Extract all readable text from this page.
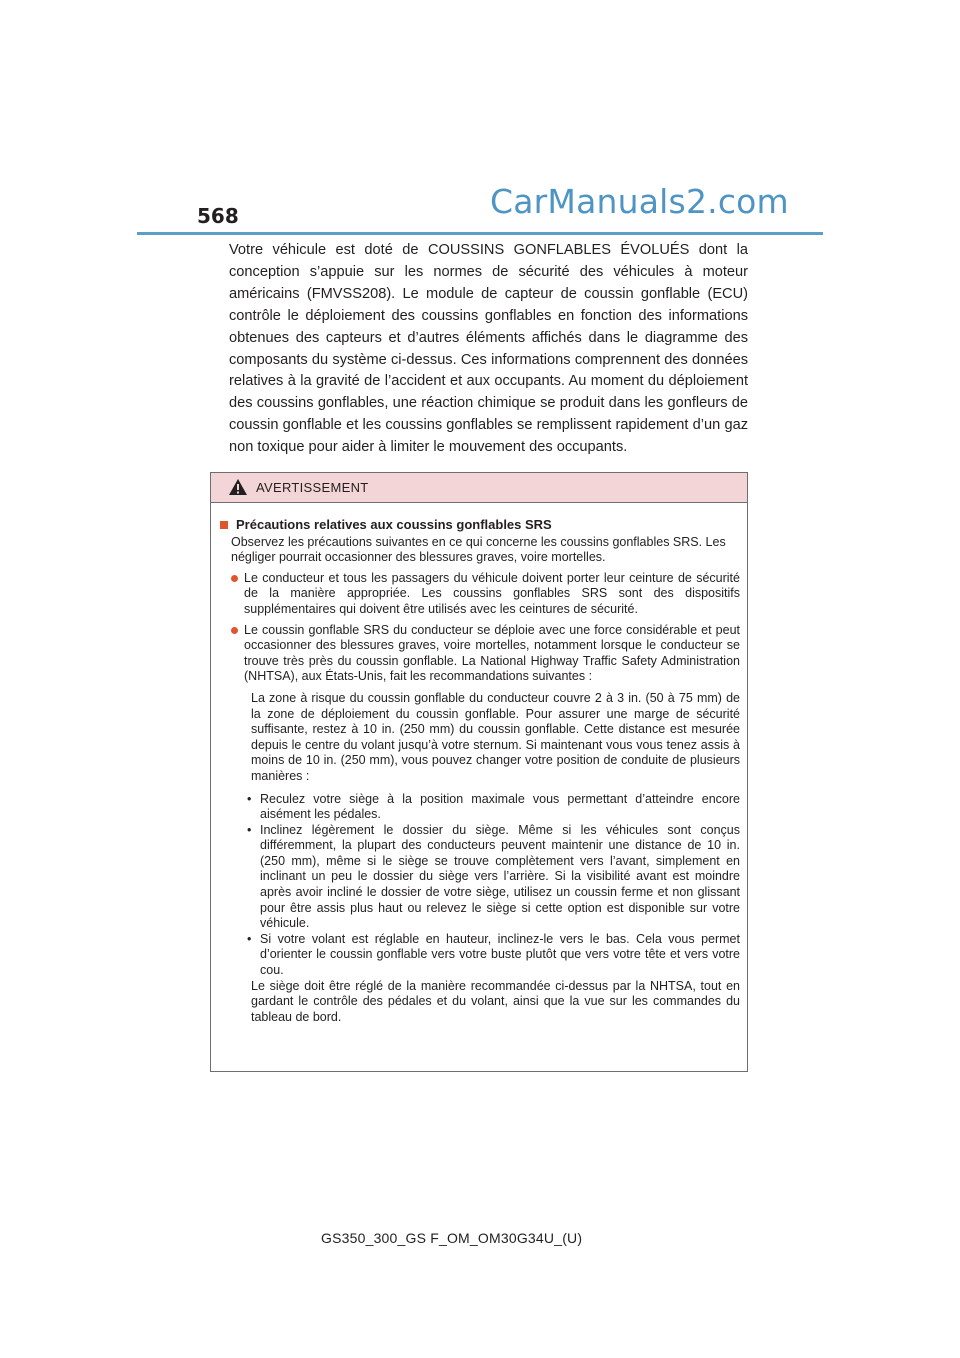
568	CarManuals2.com

Votre véhicule est doté de COUSSINS GONFLABLES ÉVOLUÉS dont la conception s’appuie sur les normes de sécurité des véhicules à moteur américains (FMVSS208). Le module de capteur de coussin gonflable (ECU) contrôle le déploiement des coussins gonflables en fonction des informations obtenues des capteurs et d’autres éléments affichés dans le diagramme des composants du système ci-dessus. Ces informations comprennent des données relatives à la gravité de l’accident et aux occupants. Au moment du déploiement des coussins gonflables, une réaction chimique se produit dans les gonfleurs de coussin gonflable et les coussins gonflables se remplissent rapidement d’un gaz non toxique pour aider à limiter le mouvement des occupants.

AVERTISSEMENT
Précautions relatives aux coussins gonflables SRS

Observez les précautions suivantes en ce qui concerne les coussins gonflables SRS. Les négliger pourrait occasionner des blessures graves, voire mortelles.

Le conducteur et tous les passagers du véhicule doivent porter leur ceinture de sécurité de la manière appropriée. Les coussins gonflables SRS sont des dispositifs supplémentaires qui doivent être utilisés avec les ceintures de sécurité.
Le coussin gonflable SRS du conducteur se déploie avec une force considérable et peut occasionner des blessures graves, voire mortelles, notamment lorsque le conducteur se trouve très près du coussin gonflable. La National Highway Traffic Safety Administration (NHTSA), aux États-Unis, fait les recommandations suivantes :

La zone à risque du coussin gonflable du conducteur couvre 2 à 3 in. (50 à 75 mm) de la zone de déploiement du coussin gonflable. Pour assurer une marge de sécurité suffisante, restez à 10 in. (250 mm) du coussin gonflable. Cette distance est mesurée depuis le centre du volant jusqu’à votre sternum. Si maintenant vous vous tenez assis à moins de 10 in. (250 mm), vous pouvez changer votre position de conduite de plusieurs manières :

• Reculez votre siège à la position maximale vous permettant d’atteindre encore aisément les pédales.
• Inclinez légèrement le dossier du siège. Même si les véhicules sont conçus différemment, la plupart des conducteurs peuvent maintenir une distance de 10 in. (250 mm), même si le siège se trouve complètement vers l’avant, simplement en inclinant un peu le dossier du siège vers l’arrière. Si la visibilité avant est moindre après avoir incliné le dossier de votre siège, utilisez un coussin ferme et non glissant pour être assis plus haut ou relevez le siège si cette option est disponible sur votre véhicule.
• Si votre volant est réglable en hauteur, inclinez-le vers le bas. Cela vous permet d’orienter le coussin gonflable vers votre buste plutôt que vers votre tête et vers votre cou.

Le siège doit être réglé de la manière recommandée ci-dessus par la NHTSA, tout en gardant le contrôle des pédales et du volant, ainsi que la vue sur les commandes du tableau de bord.

GS350_300_GS F_OM_OM30G34U_(U)
